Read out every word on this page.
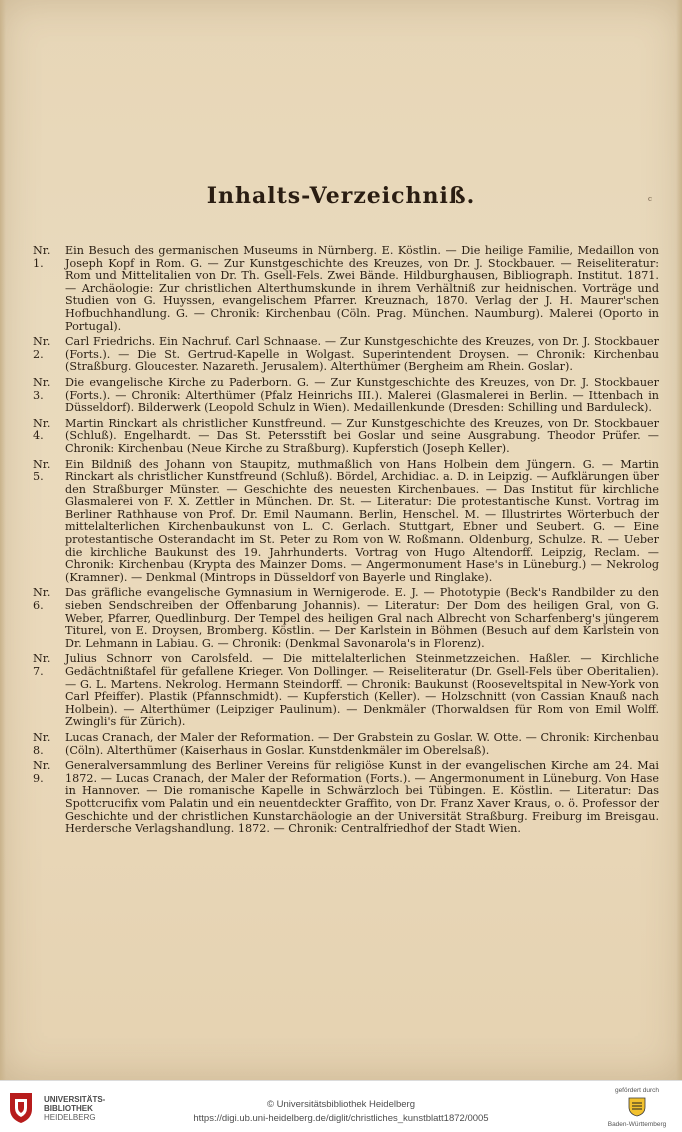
Inhalts-Verzeichniß.	c
Nr. 1.
Ein Besuch des germanischen Museums in Nürnberg. E. Köstlin. — Die heilige Familie, Medaillon von Joseph Kopf in Rom. G. — Zur Kunstgeschichte des Kreuzes, von Dr. J. Stockbauer. — Reiseliteratur: Rom und Mittelitalien von Dr. Th. Gsell-Fels. Zwei Bände. Hildburghausen, Bibliograph. Institut. 1871. — Archäologie: Zur christlichen Alterthumskunde in ihrem Verhältniß zur heidnischen. Vorträge und Studien von G. Huyssen, evangelischem Pfarrer. Kreuznach, 1870. Verlag der J. H. Maurer'schen Hofbuchhandlung. G. — Chronik: Kirchenbau (Cöln. Prag. München. Naumburg). Malerei (Oporto in Portugal).
Nr. 2.
Carl Friedrichs. Ein Nachruf. Carl Schnaase. — Zur Kunstgeschichte des Kreuzes, von Dr. J. Stockbauer (Forts.). — Die St. Gertrud-Kapelle in Wolgast. Superintendent Droysen. — Chronik: Kirchenbau (Straßburg. Gloucester. Nazareth. Jerusalem). Alterthümer (Bergheim am Rhein. Goslar).
Nr. 3.
Die evangelische Kirche zu Paderborn. G. — Zur Kunstgeschichte des Kreuzes, von Dr. J. Stockbauer (Forts.). — Chronik: Alterthümer (Pfalz Heinrichs III.). Malerei (Glasmalerei in Berlin. — Ittenbach in Düsseldorf). Bilderwerk (Leopold Schulz in Wien). Medaillenkunde (Dresden: Schilling und Barduleck).
Nr. 4.
Martin Rinckart als christlicher Kunstfreund. — Zur Kunstgeschichte des Kreuzes, von Dr. Stockbauer (Schluß). Engelhardt. — Das St. Petersstift bei Goslar und seine Ausgrabung. Theodor Prüfer. — Chronik: Kirchenbau (Neue Kirche zu Straßburg). Kupferstich (Joseph Keller).
Nr. 5.
Ein Bildniß des Johann von Staupitz, muthmaßlich von Hans Holbein dem Jüngern. G. — Martin Rinckart als christlicher Kunstfreund (Schluß). Bördel, Archidiac. a. D. in Leipzig. — Aufklärungen über den Straßburger Münster. — Geschichte des neuesten Kirchenbaues. — Das Institut für kirchliche Glasmalerei von F. X. Zettler in München. Dr. St. — Literatur: Die protestantische Kunst. Vortrag im Berliner Rathhause von Prof. Dr. Emil Naumann. Berlin, Henschel. M. — Illustrirtes Wörterbuch der mittelalterlichen Kirchenbaukunst von L. C. Gerlach. Stuttgart, Ebner und Seubert. G. — Eine protestantische Osterandacht im St. Peter zu Rom von W. Roßmann. Oldenburg, Schulze. R. — Ueber die kirchliche Baukunst des 19. Jahrhunderts. Vortrag von Hugo Altendorff. Leipzig, Reclam. — Chronik: Kirchenbau (Krypta des Mainzer Doms. — Angermonument Hase's in Lüneburg.) — Nekrolog (Kramner). — Denkmal (Mintrops in Düsseldorf von Bayerle und Ringlake).
Nr. 6.
Das gräfliche evangelische Gymnasium in Wernigerode. E. J. — Phototypie (Beck's Randbilder zu den sieben Sendschreiben der Offenbarung Johannis). — Literatur: Der Dom des heiligen Gral, von G. Weber, Pfarrer, Quedlinburg. Der Tempel des heiligen Gral nach Albrecht von Scharfenberg's jüngerem Titurel, von E. Droysen, Bromberg. Köstlin. — Der Karlstein in Böhmen (Besuch auf dem Karlstein von Dr. Lehmann in Labiau. G. — Chronik: (Denkmal Savonarola's in Florenz).
Nr. 7.
Julius Schnorr von Carolsfeld. — Die mittelalterlichen Steinmetzzeichen. Haßler. — Kirchliche Gedächtnißtafel für gefallene Krieger. Von Dollinger. — Reiseliteratur (Dr. Gsell-Fels über Oberitalien). — G. L. Martens. Nekrolog. Hermann Steindorff. — Chronik: Baukunst (Rooseveltspital in New-York von Carl Pfeiffer). Plastik (Pfannschmidt). — Kupferstich (Keller). — Holzschnitt (von Cassian Knauß nach Holbein). — Alterthümer (Leipziger Paulinum). — Denkmäler (Thorwaldsen für Rom von Emil Wolff. Zwingli's für Zürich).
Nr. 8.
Lucas Cranach, der Maler der Reformation. — Der Grabstein zu Goslar. W. Otte. — Chronik: Kirchenbau (Cöln). Alterthümer (Kaiserhaus in Goslar. Kunstdenkmäler im Oberelsaß).
Nr. 9.
Generalversammlung des Berliner Vereins für religiöse Kunst in der evangelischen Kirche am 24. Mai 1872. — Lucas Cranach, der Maler der Reformation (Forts.). — Angermonument in Lüneburg. Von Hase in Hannover. — Die romanische Kapelle in Schwärzloch bei Tübingen. E. Köstlin. — Literatur: Das Spottcrucifix vom Palatin und ein neuentdeckter Graffito, von Dr. Franz Xaver Kraus, o. ö. Professor der Geschichte und der christlichen Kunstarchäologie an der Universität Straßburg. Freiburg im Breisgau. Herdersche Verlagshandlung. 1872. — Chronik: Centralfriedhof der Stadt Wien.
UNIVERSITÄTS-
BIBLIOTHEK
HEIDELBERG
© Universitätsbibliothek Heidelberg
https://digi.ub.uni-heidelberg.de/diglit/christliches_kunstblatt1872/0005
gefördert durch
Baden-Württemberg
